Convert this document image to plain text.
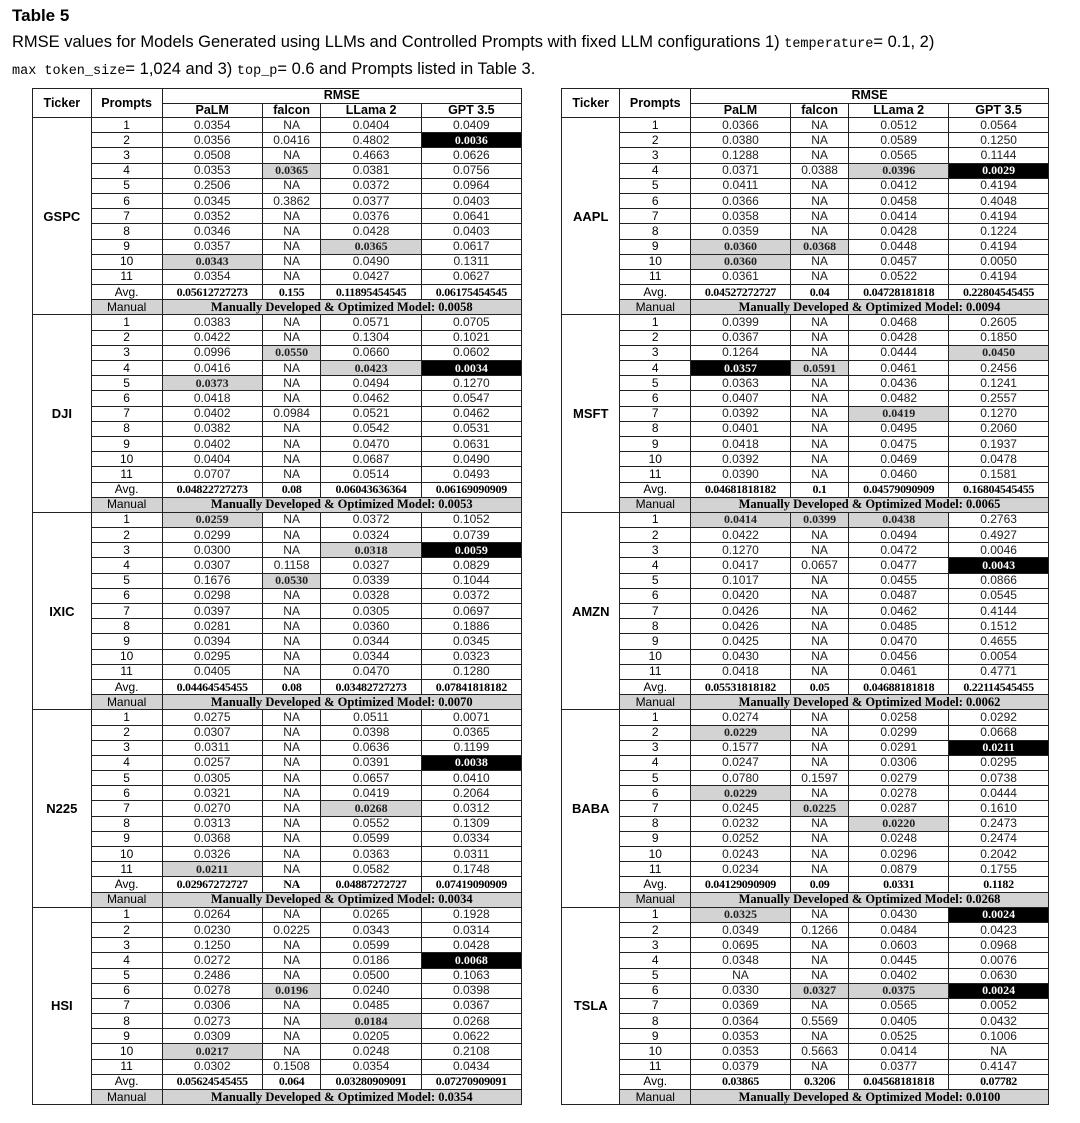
Table 5
RMSE values for Models Generated using LLMs and Controlled Prompts with fixed LLM configurations 1) temperature= 0.1, 2)
max token_size= 1,024 and 3) top_p= 0.6 and Prompts listed in Table 3.
Ticker	Prompts	RMSE			
		PaLM	falcon	LLama 2	GPT 3.5
GSPC	1	0.0354	NA	0.0404	0.0409
	2	0.0356	0.0416	0.4802	0.0036
	3	0.0508	NA	0.4663	0.0626
	4	0.0353	0.0365	0.0381	0.0756
	5	0.2506	NA	0.0372	0.0964
	6	0.0345	0.3862	0.0377	0.0403
	7	0.0352	NA	0.0376	0.0641
	8	0.0346	NA	0.0428	0.0403
	9	0.0357	NA	0.0365	0.0617
	10	0.0343	NA	0.0490	0.1311
	11	0.0354	NA	0.0427	0.0627
	Avg.	0.05612727273	0.155	0.11895454545	0.06175454545
	Manual	Manually Developed & Optimized Model: 0.0058			
DJI	1	0.0383	NA	0.0571	0.0705
	2	0.0422	NA	0.1304	0.1021
	3	0.0996	0.0550	0.0660	0.0602
	4	0.0416	NA	0.0423	0.0034
	5	0.0373	NA	0.0494	0.1270
	6	0.0418	NA	0.0462	0.0547
	7	0.0402	0.0984	0.0521	0.0462
	8	0.0382	NA	0.0542	0.0531
	9	0.0402	NA	0.0470	0.0631
	10	0.0404	NA	0.0687	0.0490
	11	0.0707	NA	0.0514	0.0493
	Avg.	0.04822727273	0.08	0.06043636364	0.06169090909
	Manual	Manually Developed & Optimized Model: 0.0053			
IXIC	1	0.0259	NA	0.0372	0.1052
	2	0.0299	NA	0.0324	0.0739
	3	0.0300	NA	0.0318	0.0059
	4	0.0307	0.1158	0.0327	0.0829
	5	0.1676	0.0530	0.0339	0.1044
	6	0.0298	NA	0.0328	0.0372
	7	0.0397	NA	0.0305	0.0697
	8	0.0281	NA	0.0360	0.1886
	9	0.0394	NA	0.0344	0.0345
	10	0.0295	NA	0.0344	0.0323
	11	0.0405	NA	0.0470	0.1280
	Avg.	0.04464545455	0.08	0.03482727273	0.07841818182
	Manual	Manually Developed & Optimized Model: 0.0070			
N225	1	0.0275	NA	0.0511	0.0071
	2	0.0307	NA	0.0398	0.0365
	3	0.0311	NA	0.0636	0.1199
	4	0.0257	NA	0.0391	0.0038
	5	0.0305	NA	0.0657	0.0410
	6	0.0321	NA	0.0419	0.2064
	7	0.0270	NA	0.0268	0.0312
	8	0.0313	NA	0.0552	0.1309
	9	0.0368	NA	0.0599	0.0334
	10	0.0326	NA	0.0363	0.0311
	11	0.0211	NA	0.0582	0.1748
	Avg.	0.02967272727	NA	0.04887272727	0.07419090909
	Manual	Manually Developed & Optimized Model: 0.0034			
HSI	1	0.0264	NA	0.0265	0.1928
	2	0.0230	0.0225	0.0343	0.0314
	3	0.1250	NA	0.0599	0.0428
	4	0.0272	NA	0.0186	0.0068
	5	0.2486	NA	0.0500	0.1063
	6	0.0278	0.0196	0.0240	0.0398
	7	0.0306	NA	0.0485	0.0367
	8	0.0273	NA	0.0184	0.0268
	9	0.0309	NA	0.0205	0.0622
	10	0.0217	NA	0.0248	0.2108
	11	0.0302	0.1508	0.0354	0.0434
	Avg.	0.05624545455	0.064	0.03280909091	0.07270909091
	Manual	Manually Developed & Optimized Model: 0.0354			
Ticker	Prompts	RMSE			
		PaLM	falcon	LLama 2	GPT 3.5
AAPL	1	0.0366	NA	0.0512	0.0564
	2	0.0380	NA	0.0589	0.1250
	3	0.1288	NA	0.0565	0.1144
	4	0.0371	0.0388	0.0396	0.0029
	5	0.0411	NA	0.0412	0.4194
	6	0.0366	NA	0.0458	0.4048
	7	0.0358	NA	0.0414	0.4194
	8	0.0359	NA	0.0428	0.1224
	9	0.0360	0.0368	0.0448	0.4194
	10	0.0360	NA	0.0457	0.0050
	11	0.0361	NA	0.0522	0.4194
	Avg.	0.04527272727	0.04	0.04728181818	0.22804545455
	Manual	Manually Developed & Optimized Model: 0.0094			
MSFT	1	0.0399	NA	0.0468	0.2605
	2	0.0367	NA	0.0428	0.1850
	3	0.1264	NA	0.0444	0.0450
	4	0.0357	0.0591	0.0461	0.2456
	5	0.0363	NA	0.0436	0.1241
	6	0.0407	NA	0.0482	0.2557
	7	0.0392	NA	0.0419	0.1270
	8	0.0401	NA	0.0495	0.2060
	9	0.0418	NA	0.0475	0.1937
	10	0.0392	NA	0.0469	0.0478
	11	0.0390	NA	0.0460	0.1581
	Avg.	0.04681818182	0.1	0.04579090909	0.16804545455
	Manual	Manually Developed & Optimized Model: 0.0065			
AMZN	1	0.0414	0.0399	0.0438	0.2763
	2	0.0422	NA	0.0494	0.4927
	3	0.1270	NA	0.0472	0.0046
	4	0.0417	0.0657	0.0477	0.0043
	5	0.1017	NA	0.0455	0.0866
	6	0.0420	NA	0.0487	0.0545
	7	0.0426	NA	0.0462	0.4144
	8	0.0426	NA	0.0485	0.1512
	9	0.0425	NA	0.0470	0.4655
	10	0.0430	NA	0.0456	0.0054
	11	0.0418	NA	0.0461	0.4771
	Avg.	0.05531818182	0.05	0.04688181818	0.22114545455
	Manual	Manually Developed & Optimized Model: 0.0062			
BABA	1	0.0274	NA	0.0258	0.0292
	2	0.0229	NA	0.0299	0.0668
	3	0.1577	NA	0.0291	0.0211
	4	0.0247	NA	0.0306	0.0295
	5	0.0780	0.1597	0.0279	0.0738
	6	0.0229	NA	0.0278	0.0444
	7	0.0245	0.0225	0.0287	0.1610
	8	0.0232	NA	0.0220	0.2473
	9	0.0252	NA	0.0248	0.2474
	10	0.0243	NA	0.0296	0.2042
	11	0.0234	NA	0.0879	0.1755
	Avg.	0.04129090909	0.09	0.0331	0.1182
	Manual	Manually Developed & Optimized Model: 0.0268			
TSLA	1	0.0325	NA	0.0430	0.0024
	2	0.0349	0.1266	0.0484	0.0423
	3	0.0695	NA	0.0603	0.0968
	4	0.0348	NA	0.0445	0.0076
	5	NA	NA	0.0402	0.0630
	6	0.0330	0.0327	0.0375	0.0024
	7	0.0369	NA	0.0565	0.0052
	8	0.0364	0.5569	0.0405	0.0432
	9	0.0353	NA	0.0525	0.1006
	10	0.0353	0.5663	0.0414	NA
	11	0.0379	NA	0.0377	0.4147
	Avg.	0.03865	0.3206	0.04568181818	0.07782
	Manual	Manually Developed & Optimized Model: 0.0100			
